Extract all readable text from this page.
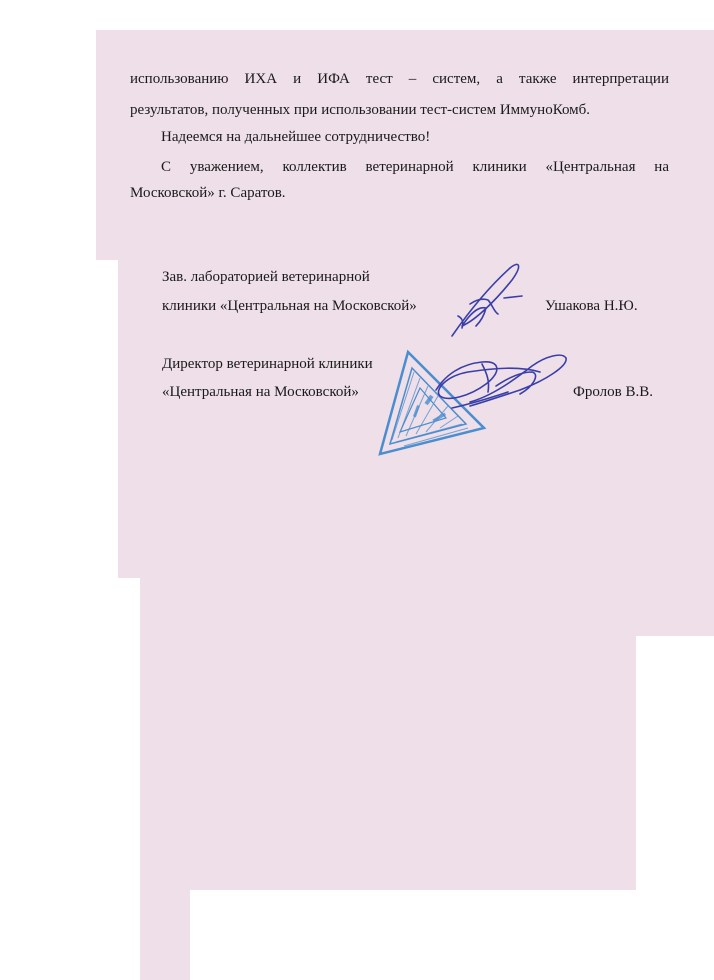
использованию ИХА и ИФА тест – систем, а также интерпретации
результатов, полученных при использовании тест-систем ИммуноКомб.
Надеемся на дальнейшее сотрудничество!
С уважением, коллектив ветеринарной клиники «Центральная на
Московской» г. Саратов.
Зав. лабораторией ветеринарной
клиники «Центральная на Московской»	Ушакова Н.Ю.
Директор ветеринарной клиники
«Центральная на Московской»	Фролов В.В.
